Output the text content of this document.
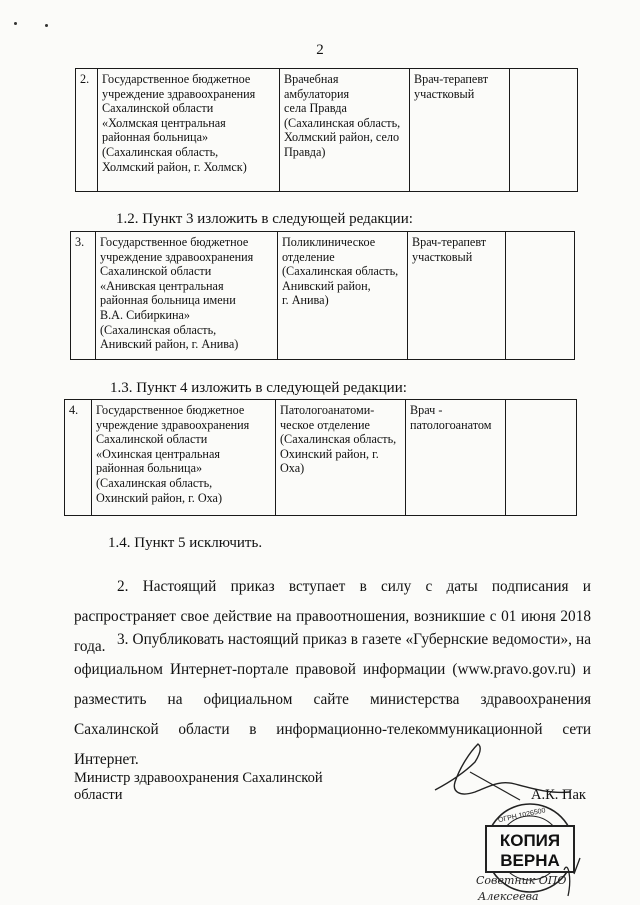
2
2.	Государственное бюджетное
учреждение здравоохранения
Сахалинской области
«Холмская центральная
районная больница»
(Сахалинская область,
Холмский район, г. Холмск)	Врачебная
амбулатория
села Правда
(Сахалинская область,
Холмский район, село
Правда)	Врач-терапевт
участковый	
1.2. Пункт 3 изложить в следующей редакции:
3.	Государственное бюджетное
учреждение здравоохранения
Сахалинской области
«Анивская центральная
районная больница имени
В.А. Сибиркина»
(Сахалинская область,
Анивский район, г. Анива)	Поликлиническое
отделение
(Сахалинская область,
Анивский район,
г. Анива)	Врач-терапевт
участковый	
1.3. Пункт 4 изложить в следующей редакции:
4.	Государственное бюджетное
учреждение здравоохранения
Сахалинской области
«Охинская центральная
районная больница»
(Сахалинская область,
Охинский район, г. Оха)	Патологоанатоми-
ческое отделение
(Сахалинская область,
Охинский район, г.
Оха)	Врач -
патологоанатом	
1.4. Пункт 5 исключить.
2. Настоящий приказ вступает в силу с даты подписания и распространяет свое действие на правоотношения, возникшие с 01 июня 2018 года. 3. Опубликовать настоящий приказ в газете «Губернские ведомости», на официальном Интернет-портале правовой информации (www.pravo.gov.ru) и разместить на официальном сайте министерства здравоохранения Сахалинской области в информационно-телекоммуникационной сети Интернет.
Министр здравоохранения Сахалинской
области	А.К. Пак
ОГРН 1026500
КОПИЯ
ВЕРНА
Советник ОПО
Алексеева
